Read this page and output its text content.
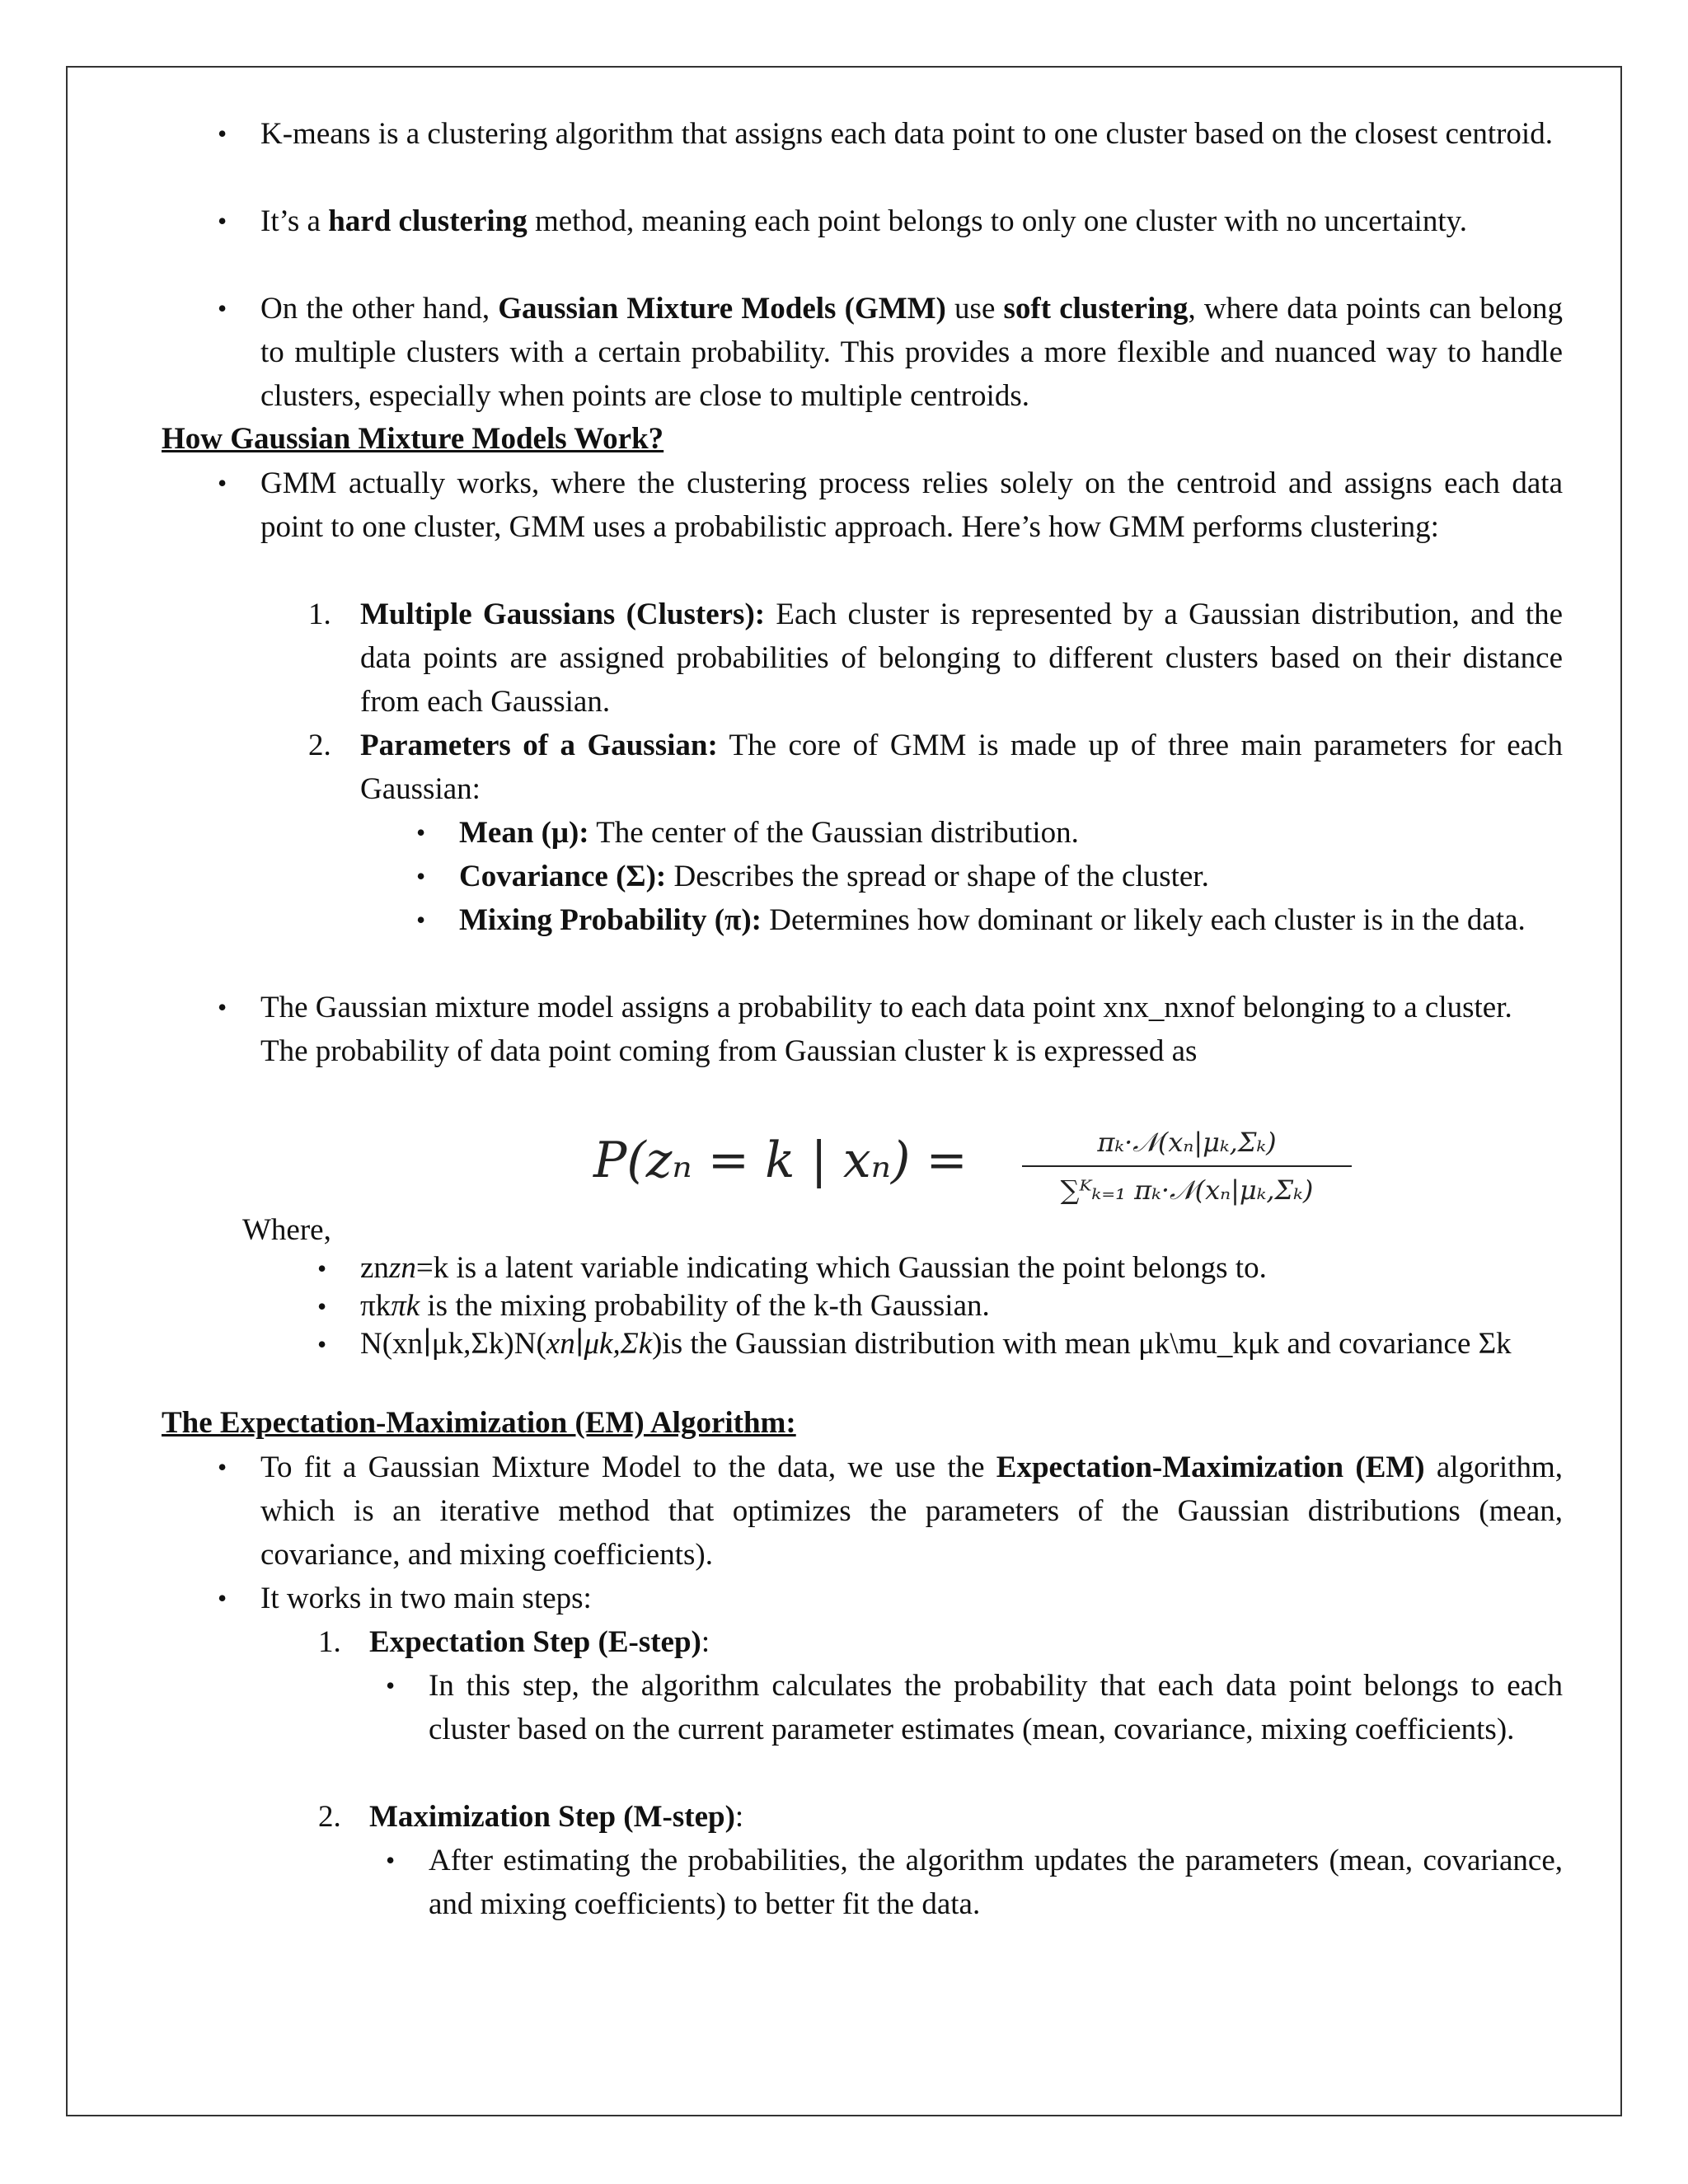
• K-means is a clustering algorithm that assigns each data point to one cluster based on the closest centroid.

• It’s a hard clustering method, meaning each point belongs to only one cluster with no uncertainty.

• On the other hand, Gaussian Mixture Models (GMM) use soft clustering, where data points can belong to multiple clusters with a certain probability. This provides a more flexible and nuanced way to handle clusters, especially when points are close to multiple centroids.

How Gaussian Mixture Models Work?

• GMM actually works, where the clustering process relies solely on the centroid and assigns each data point to one cluster, GMM uses a probabilistic approach. Here’s how GMM performs clustering:

1. Multiple Gaussians (Clusters): Each cluster is represented by a Gaussian distribution, and the data points are assigned probabilities of belonging to different clusters based on their distance from each Gaussian.

2. Parameters of a Gaussian: The core of GMM is made up of three main parameters for each Gaussian:

• Mean (μ): The center of the Gaussian distribution.

• Covariance (Σ): Describes the spread or shape of the cluster.

• Mixing Probability (π): Determines how dominant or likely each cluster is in the data.

• The Gaussian mixture model assigns a probability to each data point xnx_nxnof belonging to a cluster. The probability of data point coming from Gaussian cluster k is expressed as

P(zₙ = k | xₙ) =	πₖ·𝒩(xₙ|μₖ,Σₖ)
∑ᴷₖ₌₁ πₖ·𝒩(xₙ|μₖ,Σₖ)
Where,

• znzn=k is a latent variable indicating which Gaussian the point belongs to.

• πkπk is the mixing probability of the k-th Gaussian.

• N(xn∣μk,Σk)N(xn∣μk,Σk)is the Gaussian distribution with mean μk\mu_kμk and covariance Σk

The Expectation-Maximization (EM) Algorithm:

• To fit a Gaussian Mixture Model to the data, we use the Expectation-Maximization (EM) algorithm, which is an iterative method that optimizes the parameters of the Gaussian distributions (mean, covariance, and mixing coefficients).

• It works in two main steps:

1. Expectation Step (E-step):

• In this step, the algorithm calculates the probability that each data point belongs to each cluster based on the current parameter estimates (mean, covariance, mixing coefficients).

2. Maximization Step (M-step):

• After estimating the probabilities, the algorithm updates the parameters (mean, covariance, and mixing coefficients) to better fit the data.
